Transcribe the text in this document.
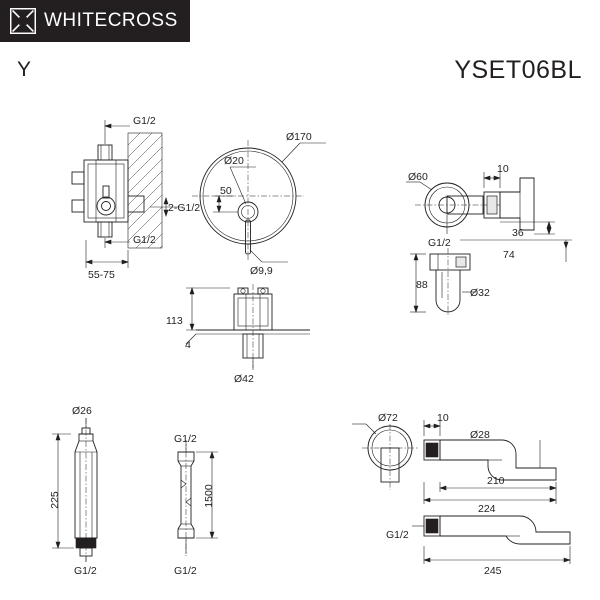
WHITECROSS
Y	YSET06BL
G1/2
2-G1/2
G1/2
55-75
Ø170
Ø20
50
Ø9,9
113
4
Ø42
Ø60
10
36
74
G1/2
88
Ø32
Ø26
225
G1/2
G1/2
1500
G1/2
Ø72	10
Ø28
210
224
G1/2
245
